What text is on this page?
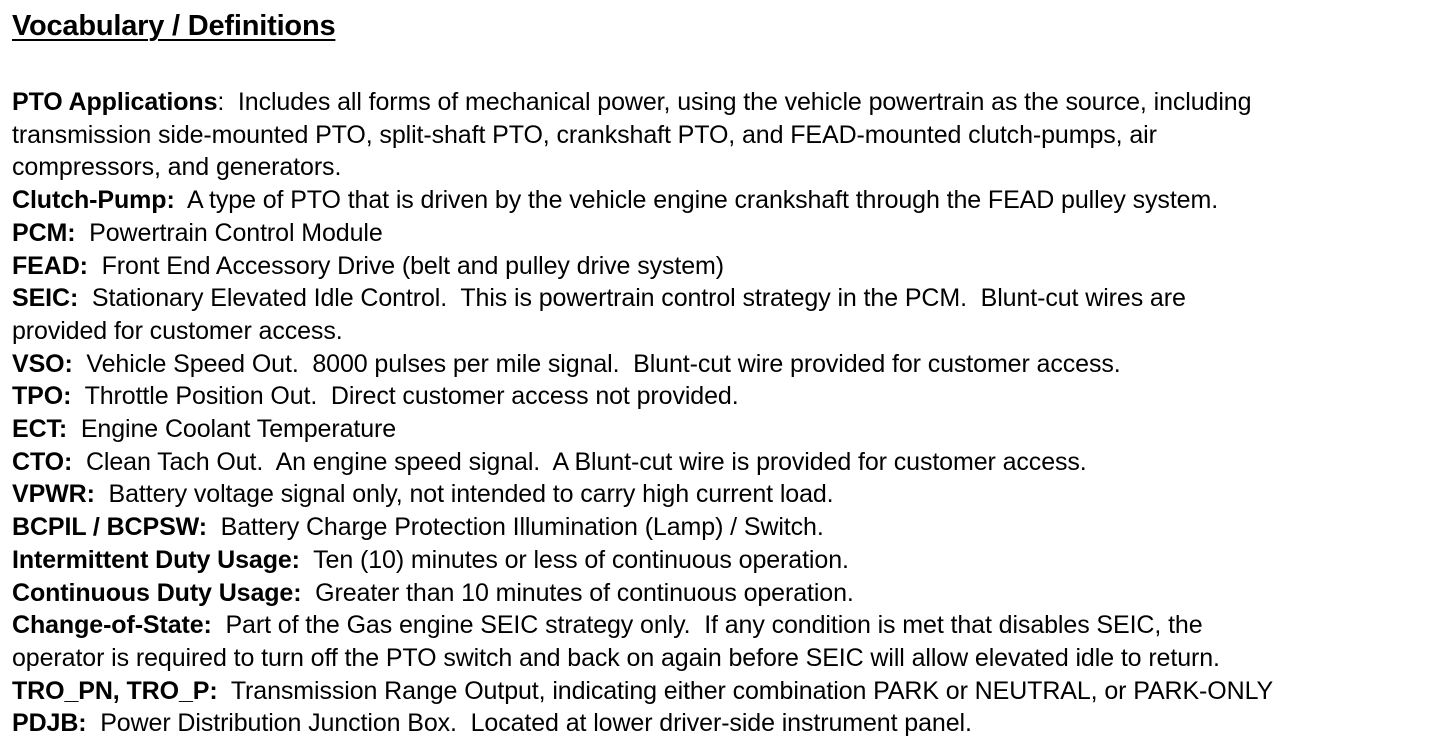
Vocabulary / Definitions

PTO Applications:  Includes all forms of mechanical power, using the vehicle powertrain as the source, including
transmission side-mounted PTO, split-shaft PTO, crankshaft PTO, and FEAD-mounted clutch-pumps, air
compressors, and generators.

Clutch-Pump:  A type of PTO that is driven by the vehicle engine crankshaft through the FEAD pulley system.

PCM:  Powertrain Control Module

FEAD:  Front End Accessory Drive (belt and pulley drive system)

SEIC:  Stationary Elevated Idle Control.  This is powertrain control strategy in the PCM.  Blunt-cut wires are
provided for customer access.

VSO:  Vehicle Speed Out.  8000 pulses per mile signal.  Blunt-cut wire provided for customer access.

TPO:  Throttle Position Out.  Direct customer access not provided.

ECT:  Engine Coolant Temperature

CTO:  Clean Tach Out.  An engine speed signal.  A Blunt-cut wire is provided for customer access.

VPWR:  Battery voltage signal only, not intended to carry high current load.

BCPIL / BCPSW:  Battery Charge Protection Illumination (Lamp) / Switch.

Intermittent Duty Usage:  Ten (10) minutes or less of continuous operation.

Continuous Duty Usage:  Greater than 10 minutes of continuous operation.

Change-of-State:  Part of the Gas engine SEIC strategy only.  If any condition is met that disables SEIC, the
operator is required to turn off the PTO switch and back on again before SEIC will allow elevated idle to return.

TRO_PN, TRO_P:  Transmission Range Output, indicating either combination PARK or NEUTRAL, or PARK-ONLY

PDJB:  Power Distribution Junction Box.  Located at lower driver-side instrument panel.
